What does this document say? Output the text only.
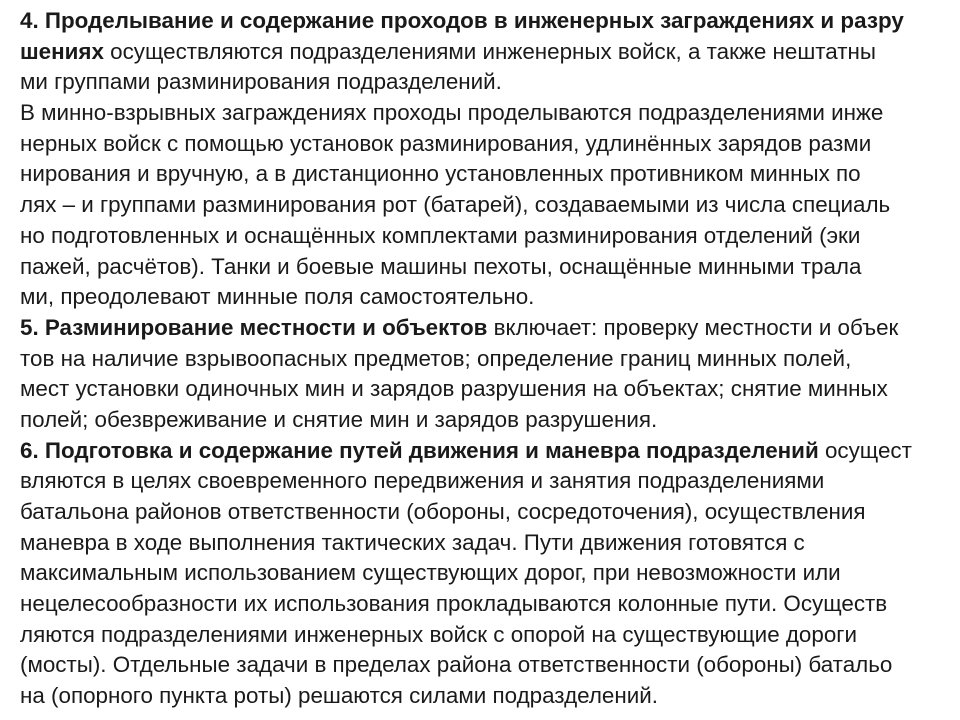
4. Проделывание и содержание проходов в инженерных заграждениях и разру
шениях осуществляются подразделениями инженерных войск, а также нештатны
ми группами разминирования подразделений.
В минно-взрывных заграждениях проходы проделываются подразделениями инже
нерных войск с помощью установок разминирования, удлинённых зарядов разми
нирования и вручную, а в дистанционно установленных противником минных по
лях – и группами разминирования рот (батарей), создаваемыми из числа специаль
но подготовленных и оснащённых комплектами разминирования отделений (эки
пажей, расчётов). Танки и боевые машины пехоты, оснащённые минными трала
ми, преодолевают минные поля самостоятельно.
5. Разминирование местности и объектов включает: проверку местности и объек
тов на наличие взрывоопасных предметов; определение границ минных полей,
мест установки одиночных мин и зарядов разрушения на объектах; снятие минных
полей; обезвреживание и снятие мин и зарядов разрушения.
6. Подготовка и содержание путей движения и маневра подразделений осущест
вляются в целях своевременного передвижения и занятия подразделениями
батальона районов ответственности (обороны, сосредоточения), осуществления
маневра в ходе выполнения тактических задач. Пути движения готовятся с
максимальным использованием существующих дорог, при невозможности или
нецелесообразности их использования прокладываются колонные пути. Осуществ
ляются подразделениями инженерных войск с опорой на существующие дороги
(мосты). Отдельные задачи в пределах района ответственности (обороны) батальо
на (опорного пункта роты) решаются силами подразделений.
